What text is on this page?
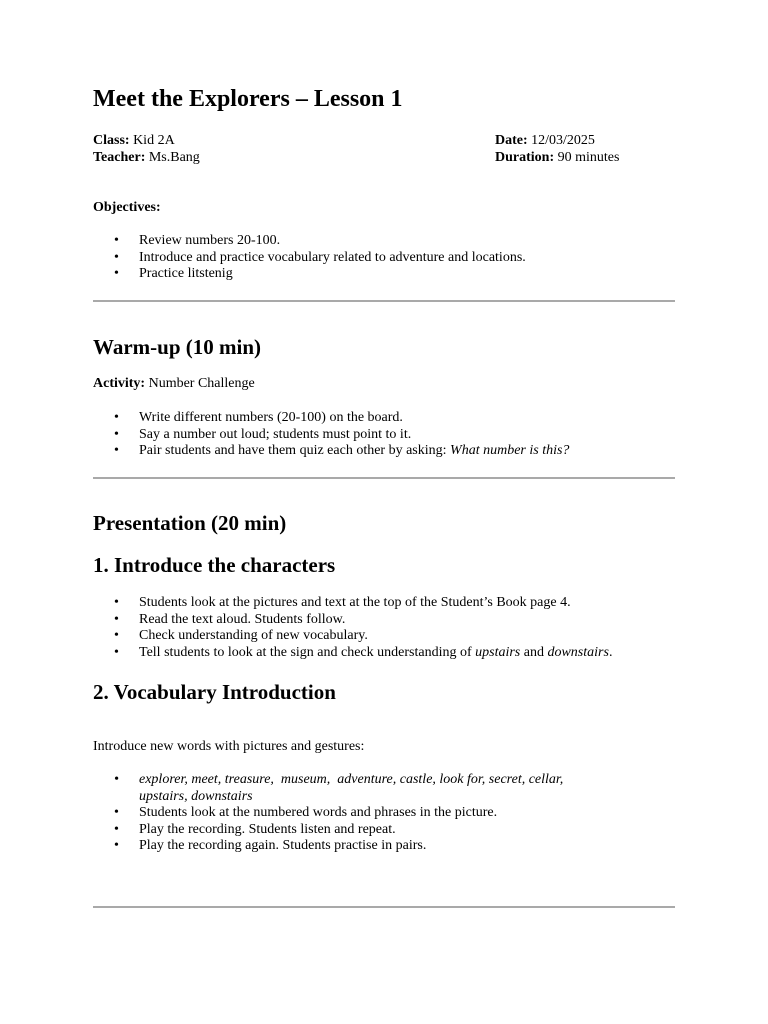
Meet the Explorers – Lesson 1
Class: Kid 2A
Teacher: Ms.Bang
Date: 12/03/2025
Duration: 90 minutes
Objectives:
• Review numbers 20-100.
• Introduce and practice vocabulary related to adventure and locations.
• Practice litstenig
Warm-up (10 min)
Activity: Number Challenge
• Write different numbers (20-100) on the board.
• Say a number out loud; students must point to it.
• Pair students and have them quiz each other by asking: What number is this?
Presentation (20 min)
1. Introduce the characters
• Students look at the pictures and text at the top of the Student’s Book page 4.
• Read the text aloud. Students follow.
• Check understanding of new vocabulary.
• Tell students to look at the sign and check understanding of upstairs and downstairs.
2. Vocabulary Introduction
Introduce new words with pictures and gestures:
• explorer, meet, treasure,  museum,  adventure, castle, look for, secret, cellar,
upstairs, downstairs
• Students look at the numbered words and phrases in the picture.
• Play the recording. Students listen and repeat.
• Play the recording again. Students practise in pairs.
